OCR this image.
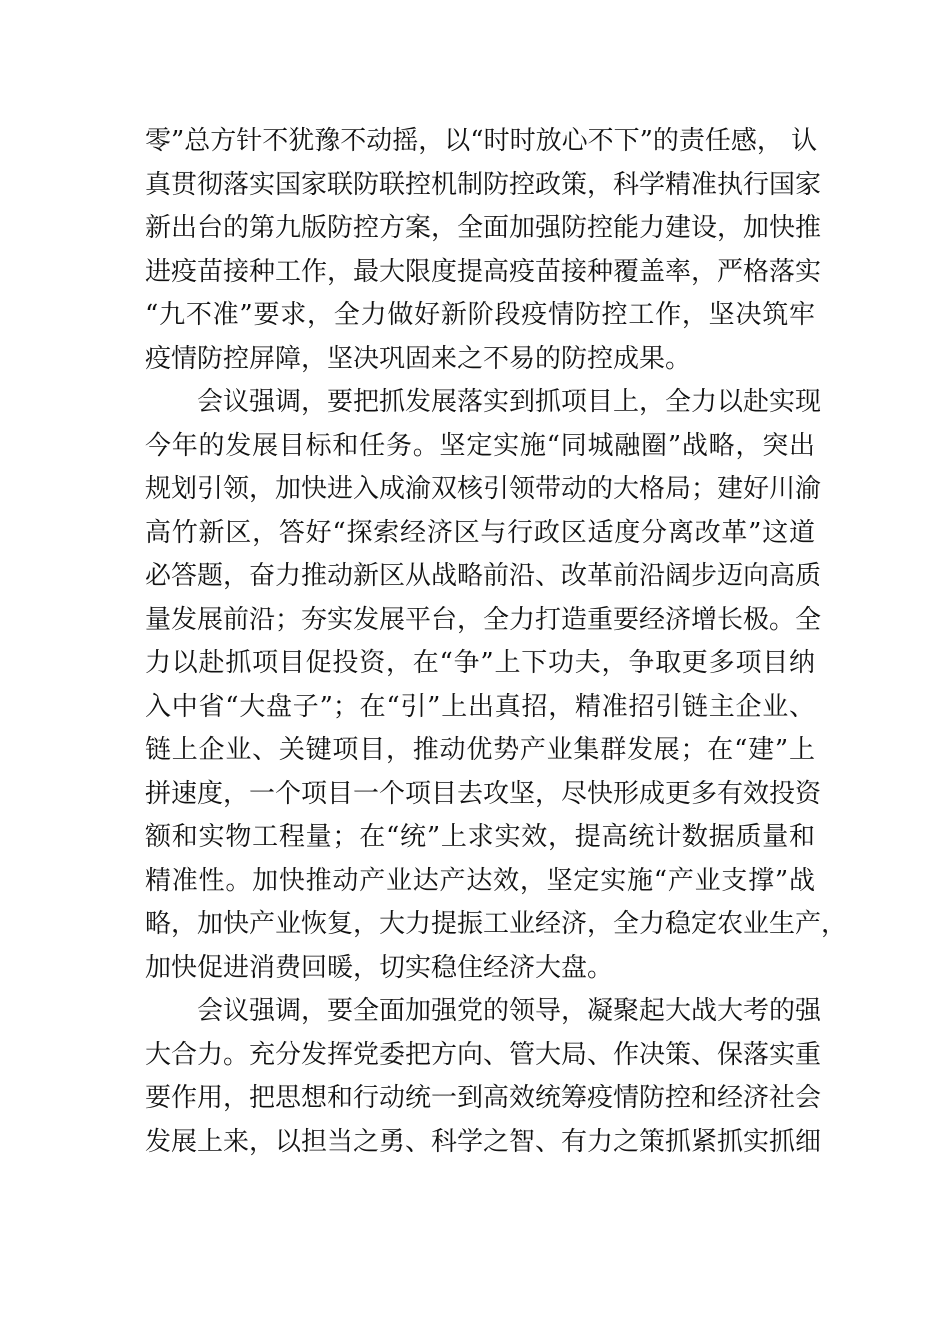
零”总方针不犹豫不动摇，以“时时放心不下”的责任感， 认
真贯彻落实国家联防联控机制防控政策，科学精准执行国家
新出台的第九版防控方案，全面加强防控能力建设，加快推
进疫苗接种工作，最大限度提高疫苗接种覆盖率，严格落实
“九不准”要求，全力做好新阶段疫情防控工作，坚决筑牢
疫情防控屏障，坚决巩固来之不易的防控成果。
会议强调，要把抓发展落实到抓项目上，全力以赴实现
今年的发展目标和任务。坚定实施“同城融圈”战略，突出
规划引领，加快进入成渝双核引领带动的大格局；建好川渝
高竹新区，答好“探索经济区与行政区适度分离改革”这道
必答题，奋力推动新区从战略前沿、改革前沿阔步迈向高质
量发展前沿；夯实发展平台，全力打造重要经济增长极。全
力以赴抓项目促投资，在“争”上下功夫，争取更多项目纳
入中省“大盘子”；在“引”上出真招，精准招引链主企业、
链上企业、关键项目，推动优势产业集群发展；在“建”上
拼速度，一个项目一个项目去攻坚，尽快形成更多有效投资
额和实物工程量；在“统”上求实效，提高统计数据质量和
精准性。加快推动产业达产达效，坚定实施“产业支撑”战
略，加快产业恢复，大力提振工业经济，全力稳定农业生产，
加快促进消费回暖，切实稳住经济大盘。
会议强调，要全面加强党的领导，凝聚起大战大考的强
大合力。充分发挥党委把方向、管大局、作决策、保落实重
要作用，把思想和行动统一到高效统筹疫情防控和经济社会
发展上来，以担当之勇、科学之智、有力之策抓紧抓实抓细
